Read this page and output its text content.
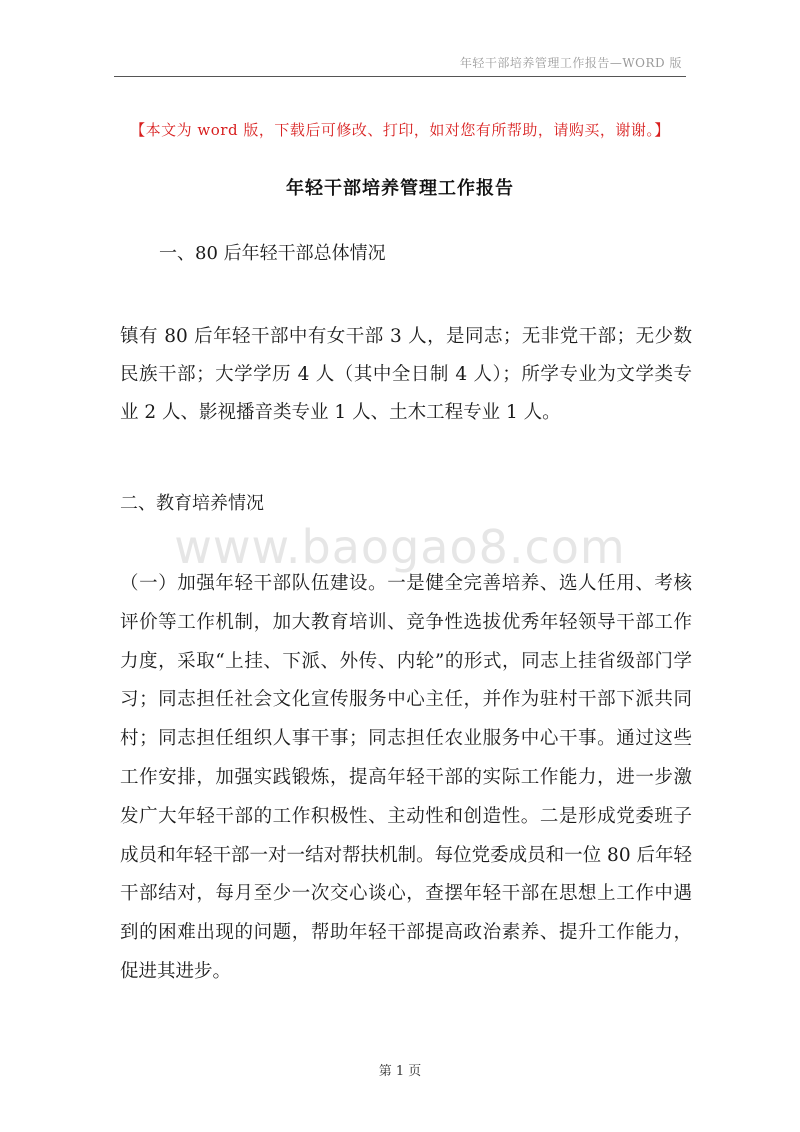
年轻干部培养管理工作报告—WORD 版
【本文为 word 版，下载后可修改、打印，如对您有所帮助，请购买，谢谢。】
年轻干部培养管理工作报告
一、80 后年轻干部总体情况

镇有 80 后年轻干部中有女干部 3 人，是同志；无非党干部；无少数民族干部；大学学历 4 人（其中全日制 4 人）；所学专业为文学类专业 2 人、影视播音类专业 1 人、土木工程专业 1 人。

www.baogao8.com
二、教育培养情况

（一）加强年轻干部队伍建设。一是健全完善培养、选人任用、考核评价等工作机制，加大教育培训、竞争性选拔优秀年轻领导干部工作力度，采取“上挂、下派、外传、内轮”的形式，同志上挂省级部门学习；同志担任社会文化宣传服务中心主任，并作为驻村干部下派共同村；同志担任组织人事干事；同志担任农业服务中心干事。通过这些工作安排，加强实践锻炼，提高年轻干部的实际工作能力，进一步激发广大年轻干部的工作积极性、主动性和创造性。二是形成党委班子成员和年轻干部一对一结对帮扶机制。每位党委成员和一位 80 后年轻干部结对，每月至少一次交心谈心，查摆年轻干部在思想上工作中遇到的困难出现的问题，帮助年轻干部提高政治素养、提升工作能力，促进其进步。

第 1 页
